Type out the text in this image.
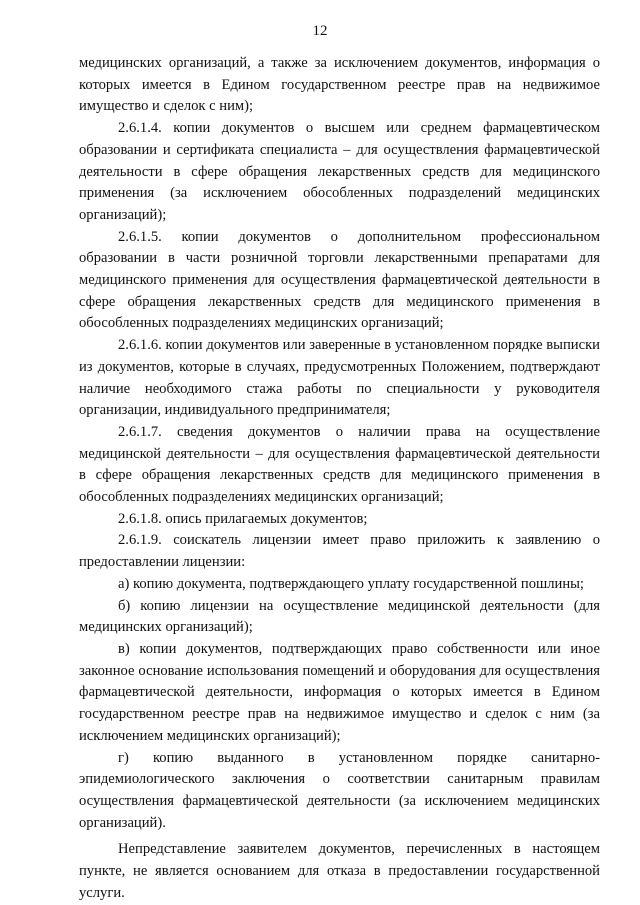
12

медицинских организаций, а также за исключением документов, информация о которых имеется в Едином государственном реестре прав на недвижимое имущество и сделок с ним);

2.6.1.4. копии документов о высшем или среднем фармацевтическом образовании и сертификата специалиста – для осуществления фармацевтической деятельности в сфере обращения лекарственных средств для медицинского применения (за исключением обособленных подразделений медицинских организаций);

2.6.1.5. копии документов о дополнительном профессиональном образовании в части розничной торговли лекарственными препаратами для медицинского применения для осуществления фармацевтической деятельности в сфере обращения лекарственных средств для медицинского применения в обособленных подразделениях медицинских организаций;

2.6.1.6. копии документов или заверенные в установленном порядке выписки из документов, которые в случаях, предусмотренных Положением, подтверждают наличие необходимого стажа работы по специальности у руководителя организации, индивидуального предпринимателя;

2.6.1.7. сведения документов о наличии права на осуществление медицинской деятельности – для осуществления фармацевтической деятельности в сфере обращения лекарственных средств для медицинского применения в обособленных подразделениях медицинских организаций;

2.6.1.8. опись прилагаемых документов;

2.6.1.9. соискатель лицензии имеет право приложить к заявлению о предоставлении лицензии:

а) копию документа, подтверждающего уплату государственной пошлины;

б) копию лицензии на осуществление медицинской деятельности (для медицинских организаций);

в) копии документов, подтверждающих право собственности или иное законное основание использования помещений и оборудования для осуществления фармацевтической деятельности, информация о которых имеется в Едином государственном реестре прав на недвижимое имущество и сделок с ним (за исключением медицинских организаций);

г) копию выданного в установленном порядке санитарно-эпидемиологического заключения о соответствии санитарным правилам осуществления фармацевтической деятельности (за исключением медицинских организаций).

Непредставление заявителем документов, перечисленных в настоящем пункте, не является основанием для отказа в предоставлении государственной услуги.
